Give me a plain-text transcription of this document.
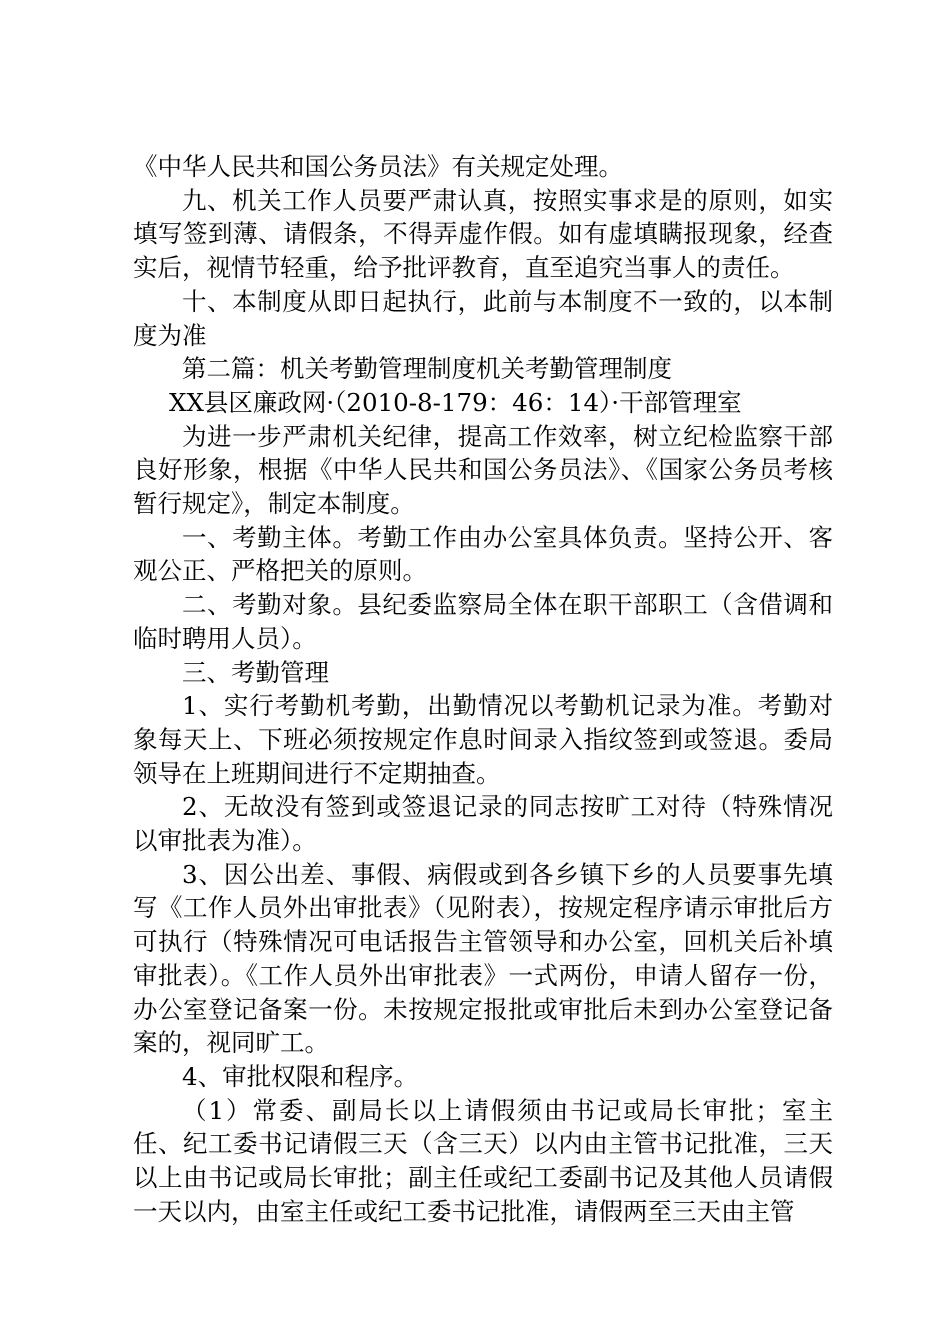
《中华人民共和国公务员法》有关规定处理。

九、机关工作人员要严肃认真，按照实事求是的原则，如实填写签到薄、请假条，不得弄虚作假。如有虚填瞒报现象，经查实后，视情节轻重，给予批评教育，直至追究当事人的责任。

十、本制度从即日起执行，此前与本制度不一致的，以本制度为准

第二篇：机关考勤管理制度机关考勤管理制度

XX县区廉政网·（2010-8-179：46：14）·干部管理室

为进一步严肃机关纪律，提高工作效率，树立纪检监察干部良好形象，根据《中华人民共和国公务员法》、《国家公务员考核暂行规定》，制定本制度。

一、考勤主体。考勤工作由办公室具体负责。坚持公开、客观公正、严格把关的原则。

二、考勤对象。县纪委监察局全体在职干部职工（含借调和临时聘用人员）。

三、考勤管理

1、实行考勤机考勤，出勤情况以考勤机记录为准。考勤对象每天上、下班必须按规定作息时间录入指纹签到或签退。委局领导在上班期间进行不定期抽查。

2、无故没有签到或签退记录的同志按旷工对待（特殊情况以审批表为准）。

3、因公出差、事假、病假或到各乡镇下乡的人员要事先填写《工作人员外出审批表》（见附表），按规定程序请示审批后方可执行（特殊情况可电话报告主管领导和办公室，回机关后补填审批表）。《工作人员外出审批表》一式两份，申请人留存一份，办公室登记备案一份。未按规定报批或审批后未到办公室登记备案的，视同旷工。

4、审批权限和程序。

（1）常委、副局长以上请假须由书记或局长审批；室主任、纪工委书记请假三天（含三天）以内由主管书记批准，三天以上由书记或局长审批；副主任或纪工委副书记及其他人员请假一天以内，由室主任或纪工委书记批准，请假两至三天由主管
